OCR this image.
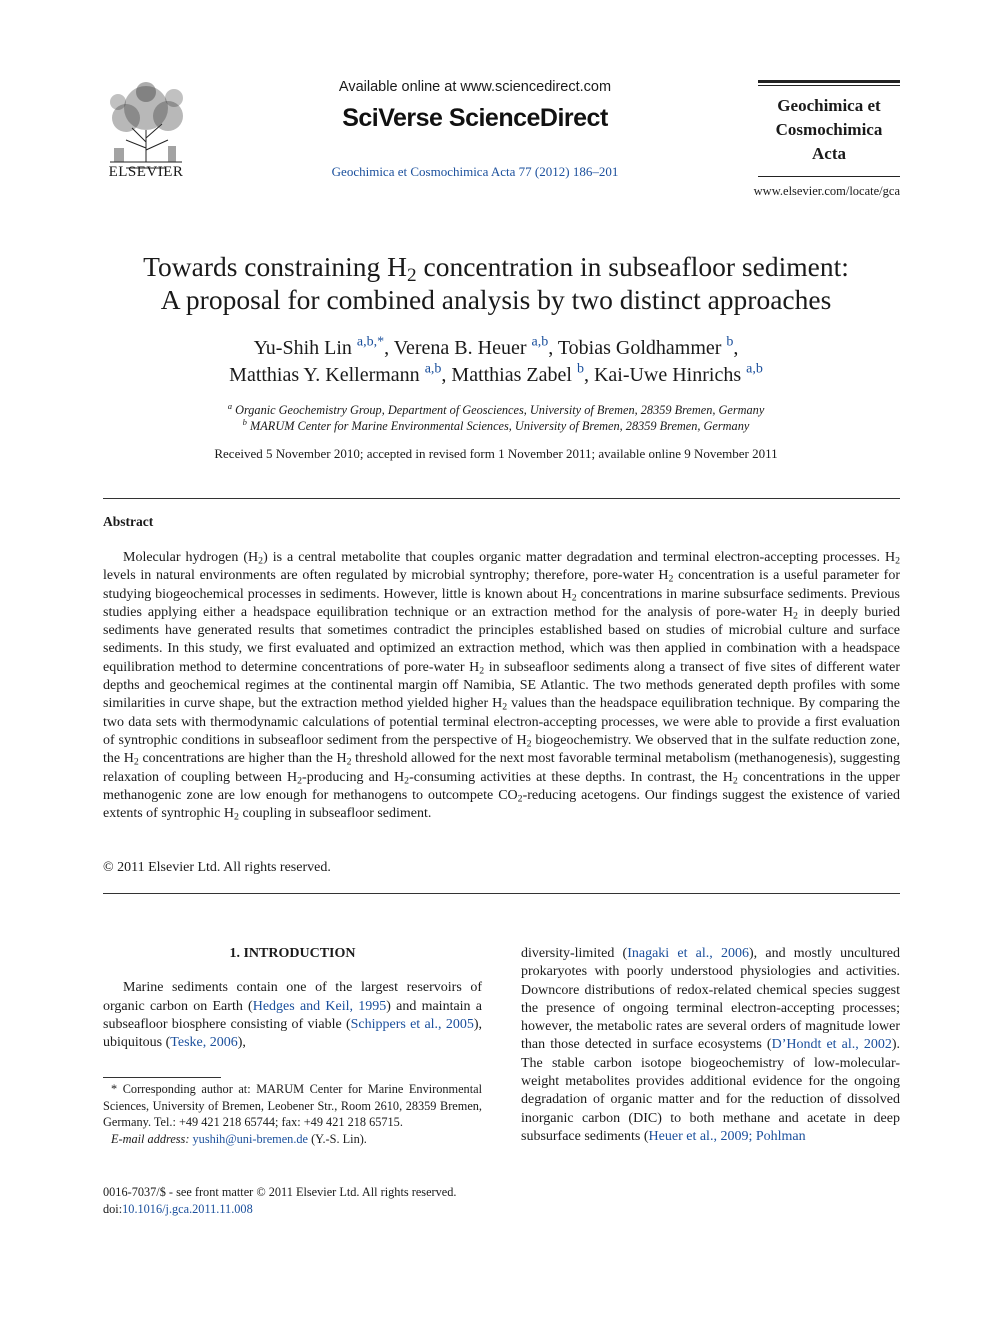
ELSEVIER
Available online at www.sciencedirect.com
SciVerse ScienceDirect
Geochimica et Cosmochimica Acta 77 (2012) 186–201
Geochimica et
Cosmochimica
Acta
www.elsevier.com/locate/gca
Towards constraining $H_2$ concentration in subseafloor sediment:
A proposal for combined analysis by two distinct approaches
Yu-Shih Lin $^{a,b,*}$, Verena B. Heuer $^{a,b}$, Tobias Goldhammer $^b$,
Matthias Y. Kellermann $^{a,b}$, Matthias Zabel $^b$, Kai-Uwe Hinrichs $^{a,b}$
$^a$ Organic Geochemistry Group, Department of Geosciences, University of Bremen, 28359 Bremen, Germany
$^b$ MARUM Center for Marine Environmental Sciences, University of Bremen, 28359 Bremen, Germany
Received 5 November 2010; accepted in revised form 1 November 2011; available online 9 November 2011
Abstract
Molecular hydrogen $(H_2)$ is a central metabolite that couples organic matter degradation and terminal electron-accepting processes. $H_2$ levels in natural environments are often regulated by microbial syntrophy; therefore, pore-water $H_2$ concentration is a useful parameter for studying biogeochemical processes in sediments. However, little is known about $H_2$ concentrations in marine subsurface sediments. Previous studies applying either a headspace equilibration technique or an extraction method for the analysis of pore-water $H_2$ in deeply buried sediments have generated results that sometimes contradict the principles established based on studies of microbial culture and surface sediments. In this study, we first evaluated and optimized an extraction method, which was then applied in combination with a headspace equilibration method to determine concentrations of pore-water $H_2$ in subseafloor sediments along a transect of five sites of different water depths and geochemical regimes at the continental margin off Namibia, SE Atlantic. The two methods generated depth profiles with some similarities in curve shape, but the extraction method yielded higher $H_2$ values than the headspace equilibration technique. By comparing the two data sets with thermodynamic calculations of potential terminal electron-accepting processes, we were able to provide a first evaluation of syntrophic conditions in subseafloor sediment from the perspective of $H_2$ biogeochemistry. We observed that in the sulfate reduction zone, the $H_2$ concentrations are higher than the $H_2$ threshold allowed for the next most favorable terminal metabolism (methanogenesis), suggesting relaxation of coupling between $H_2$-producing and $H_2$-consuming activities at these depths. In contrast, the $H_2$ concentrations in the upper methanogenic zone are low enough for methanogens to outcompete $CO_2$-reducing acetogens. Our findings suggest the existence of varied extents of syntrophic $H_2$ coupling in subseafloor sediment.
© 2011 Elsevier Ltd. All rights reserved.
1. INTRODUCTION

Marine sediments contain one of the largest reservoirs of organic carbon on Earth (Hedges and Keil, 1995) and maintain a subseafloor biosphere consisting of viable (Schippers et al., 2005), ubiquitous (Teske, 2006),

* Corresponding author at: MARUM Center for Marine Environmental Sciences, University of Bremen, Leobener Str., Room 2610, 28359 Bremen, Germany. Tel.: +49 421 218 65744; fax: +49 421 218 65715.

E-mail address: yushih@uni-bremen.de (Y.-S. Lin).

0016-7037/$ - see front matter © 2011 Elsevier Ltd. All rights reserved.
doi:10.1016/j.gca.2011.11.008

diversity-limited (Inagaki et al., 2006), and mostly uncultured prokaryotes with poorly understood physiologies and activities. Downcore distributions of redox-related chemical species suggest the presence of ongoing terminal electron-accepting processes; however, the metabolic rates are several orders of magnitude lower than those detected in surface ecosystems (D’Hondt et al., 2002). The stable carbon isotope biogeochemistry of low-molecular-weight metabolites provides additional evidence for the ongoing degradation of organic matter and for the reduction of dissolved inorganic carbon (DIC) to both methane and acetate in deep subsurface sediments (Heuer et al., 2009; Pohlman
